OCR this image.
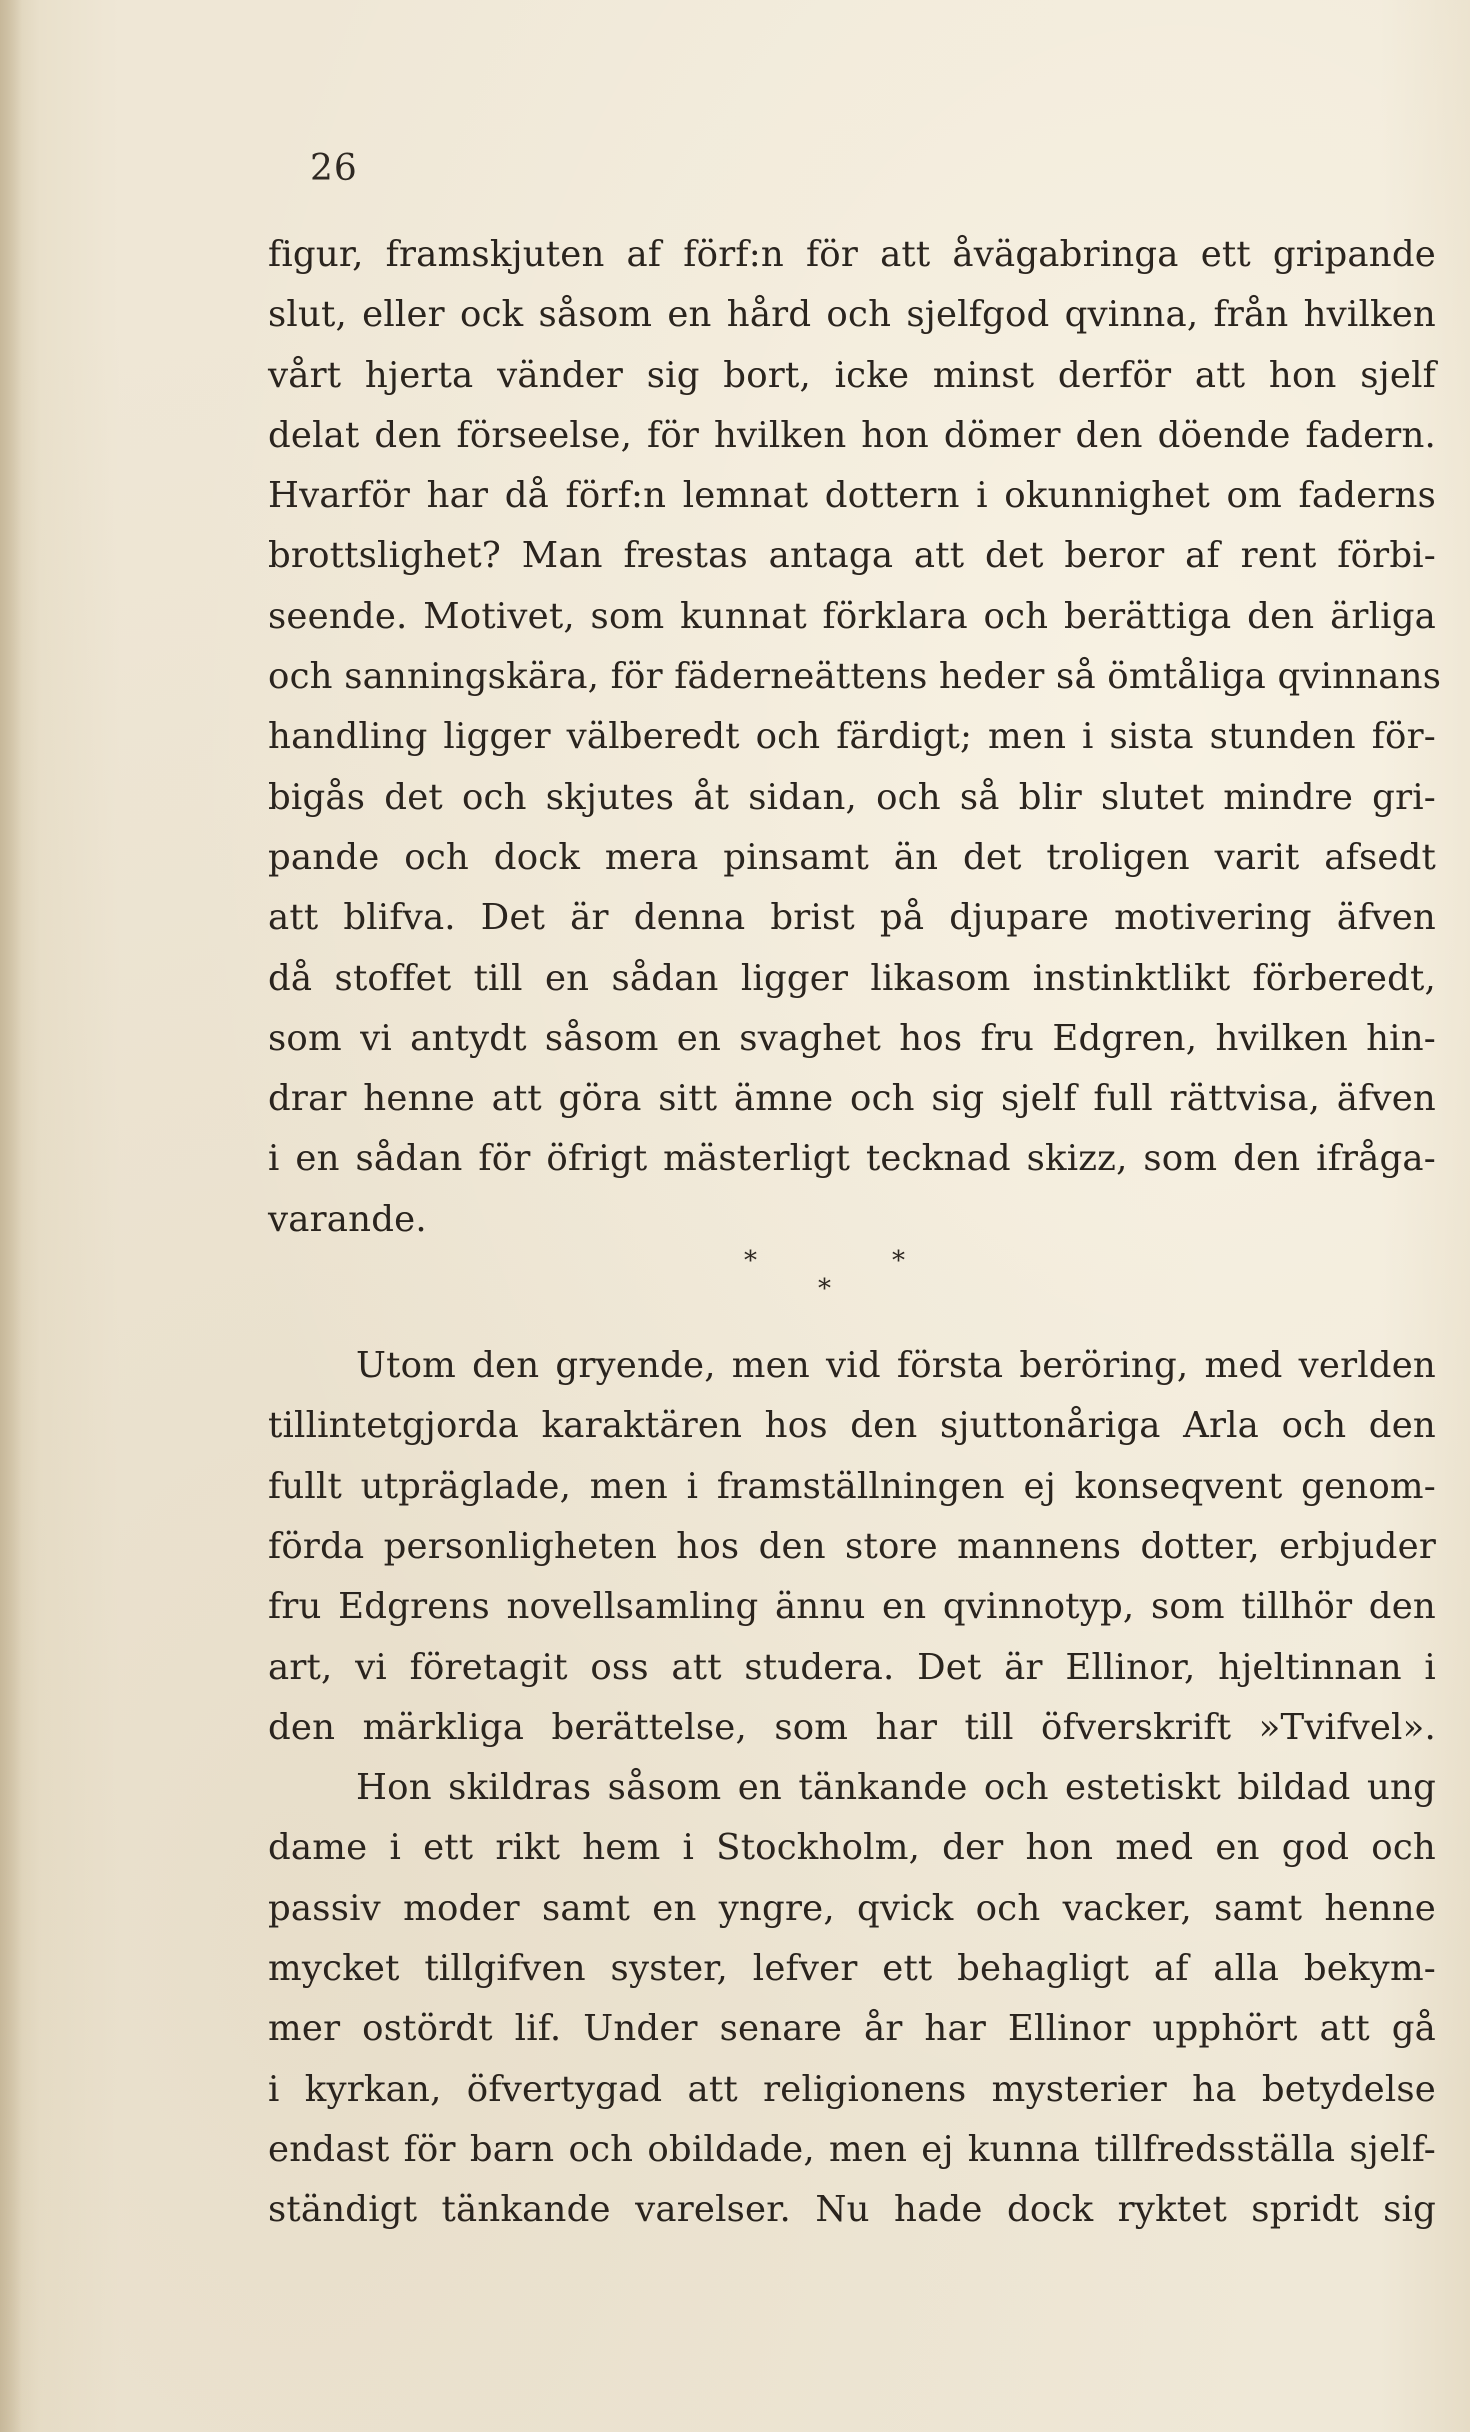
26
figur, framskjuten af förf:n för att åvägabringa ett gripande
slut, eller ock såsom en hård och sjelfgod qvinna, från hvilken
vårt hjerta vänder sig bort, icke minst derför att hon sjelf
delat den förseelse, för hvilken hon dömer den döende fadern.
Hvarför har då förf:n lemnat dottern i okunnighet om faderns
brottslighet? Man frestas antaga att det beror af rent förbi-
seende. Motivet, som kunnat förklara och berättiga den ärliga
och sanningskära, för fäderneättens heder så ömtåliga qvinnans
handling ligger välberedt och färdigt; men i sista stunden för-
bigås det och skjutes åt sidan, och så blir slutet mindre gri-
pande och dock mera pinsamt än det troligen varit afsedt
att blifva. Det är denna brist på djupare motivering äfven
då stoffet till en sådan ligger likasom instinktlikt förberedt,
som vi antydt såsom en svaghet hos fru Edgren, hvilken hin-
drar henne att göra sitt ämne och sig sjelf full rättvisa, äfven
i en sådan för öfrigt mästerligt tecknad skizz, som den ifråga-
varande.
*	*
*
Utom den gryende, men vid första beröring, med verlden
tillintetgjorda karaktären hos den sjuttonåriga Arla och den
fullt utpräglade, men i framställningen ej konseqvent genom-
förda personligheten hos den store mannens dotter, erbjuder
fru Edgrens novellsamling ännu en qvinnotyp, som tillhör den
art, vi företagit oss att studera. Det är Ellinor, hjeltinnan i
den märkliga berättelse, som har till öfverskrift »Tvifvel».
Hon skildras såsom en tänkande och estetiskt bildad ung
dame i ett rikt hem i Stockholm, der hon med en god och
passiv moder samt en yngre, qvick och vacker, samt henne
mycket tillgifven syster, lefver ett behagligt af alla bekym-
mer ostördt lif. Under senare år har Ellinor upphört att gå
i kyrkan, öfvertygad att religionens mysterier ha betydelse
endast för barn och obildade, men ej kunna tillfredsställa sjelf-
ständigt tänkande varelser. Nu hade dock ryktet spridt sig
